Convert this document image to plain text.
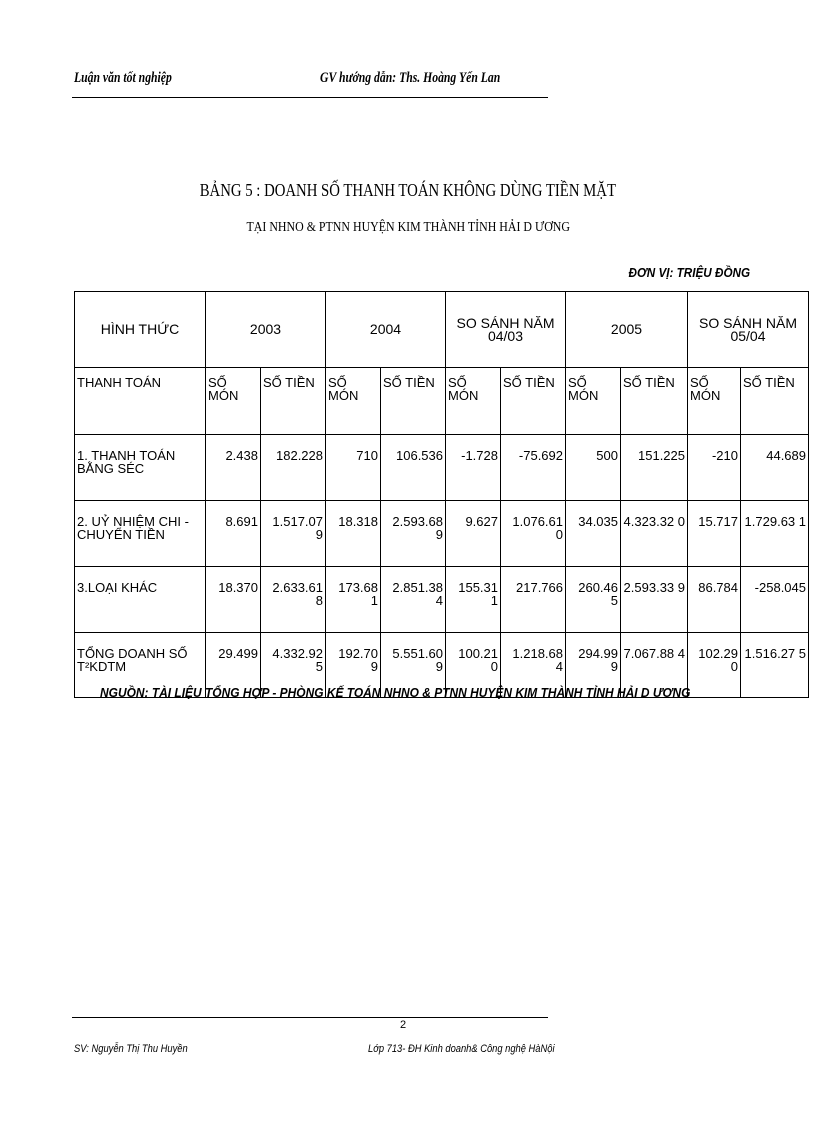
Luận văn tốt nghiệp	GV hướng dẫn: Ths. Hoàng Yến Lan
BẢNG 5 : DOANH SỐ THANH TOÁN KHÔNG DÙNG TIỀN MẶT
TẠI NHNO & PTNN HUYỆN KIM THÀNH TỈNH HẢI D ƯƠNG
ĐƠN VỊ: TRIỆU ĐỒNG
HÌNH THỨC	2003		2004		SO SÁNH NĂM 04/03		2005		SO SÁNH NĂM 05/04	
THANH TOÁN	SỐ MÓN	SỐ TIỀN	SỐ MÓN	SỐ TIỀN	SỐ MÓN	SỐ TIỀN	SỐ MÓN	SỐ TIỀN	SỐ MÓN	SỐ TIỀN
1. THANH TOÁN BẰNG SÉC	2.438	182.228	710	106.536	-1.728	-75.692	500	151.225	-210	44.689
2. UỶ NHIỆM CHI - CHUYỂN TIỀN	8.691	1.517.07 9	18.318	2.593.68 9	9.627	1.076.61 0	34.035	4.323.32 0	15.717	1.729.63 1
3.LOẠI KHÁC	18.370	2.633.61 8	173.68 1	2.851.38 4	155.31 1	217.766	260.46 5	2.593.33 9	86.784	-258.045
TỔNG DOANH SỐ T²KDTM	29.499	4.332.92 5	192.70 9	5.551.60 9	100.21 0	1.218.68 4	294.99 9	7.067.88 4	102.29 0	1.516.27 5
NGUỒN: TÀI LIỆU TỔNG HỢP - PHÒNG KẾ TOÁN NHNO & PTNN HUYỆN KIM THÀNH TỈNH HẢI D ƯƠNG
2
SV: Nguyễn Thị Thu Huyền	Lớp 713- ĐH Kinh doanh& Công nghệ HàNội
